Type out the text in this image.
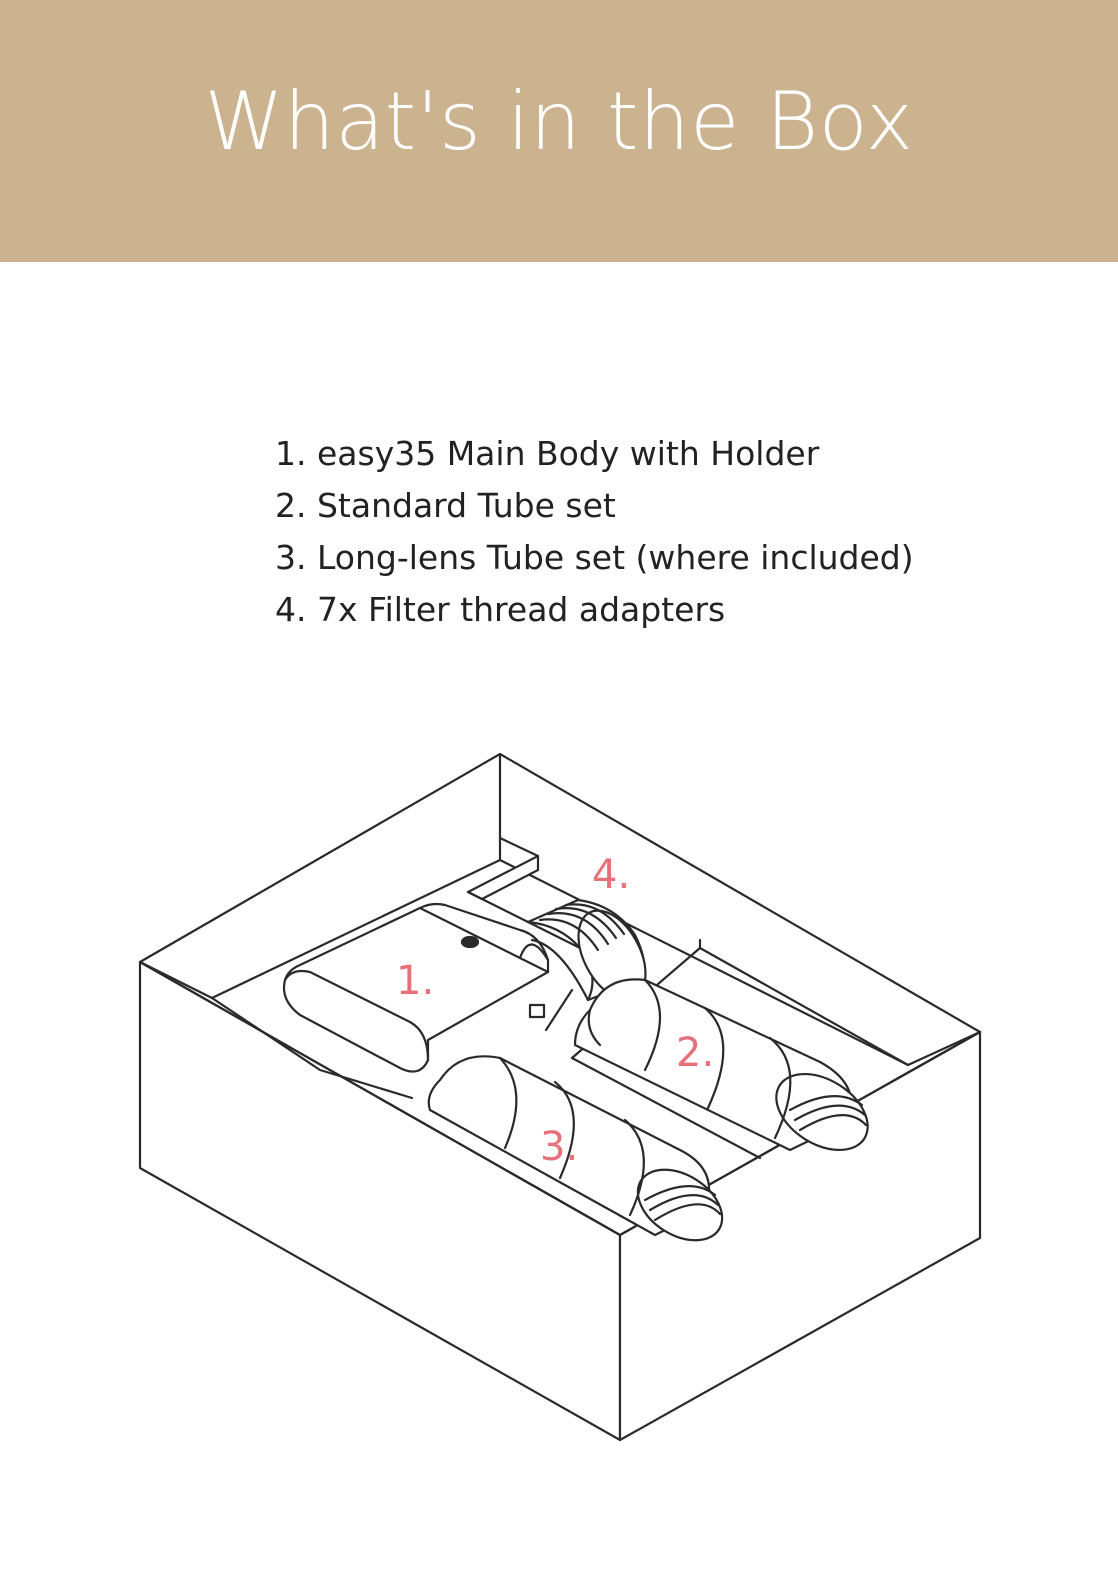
What's in the Box
1. easy35 Main Body with Holder
2. Standard Tube set
3. Long-lens Tube set (where included)
4. 7x Filter thread adapters
1.
2.
3.
4.
